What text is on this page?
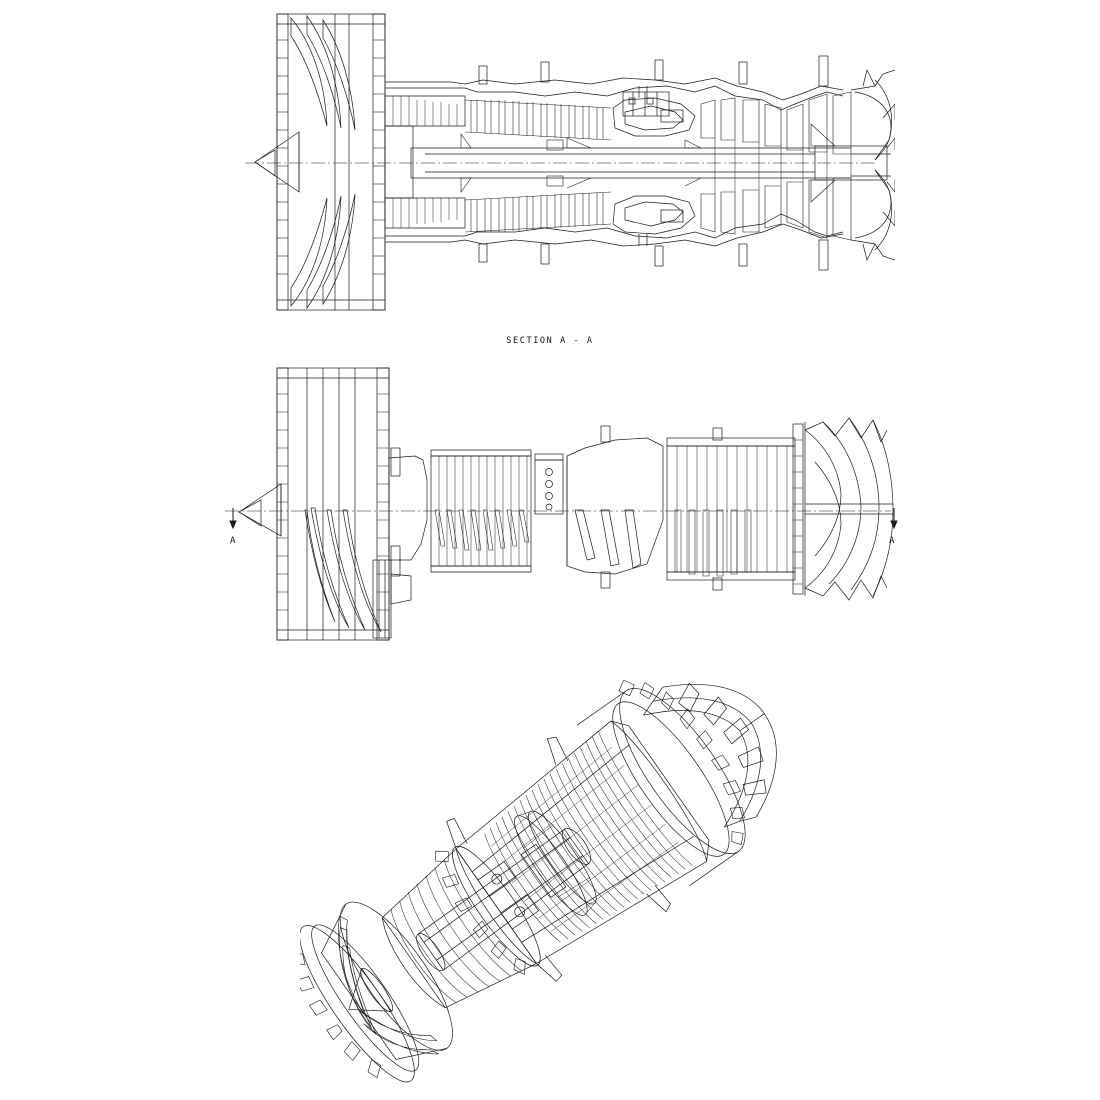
SECTION A - A
A	A
